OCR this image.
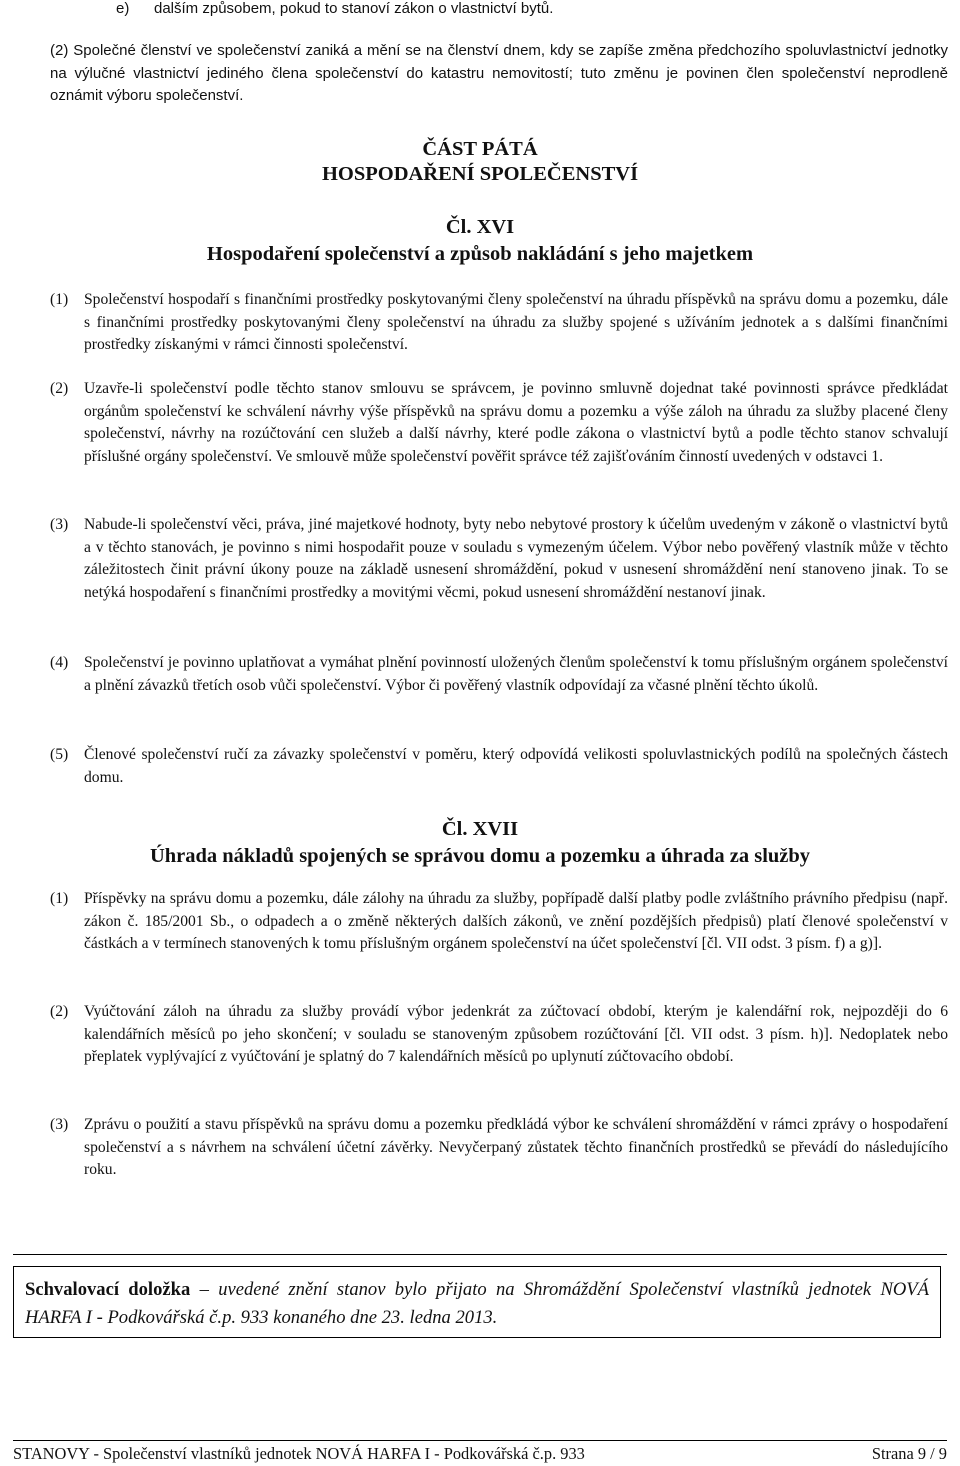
e) dalším způsobem, pokud to stanoví zákon o vlastnictví bytů.
(2) Společné členství ve společenství zaniká a mění se na členství dnem, kdy se zapíše změna předchozího spoluvlastnictví jednotky na výlučné vlastnictví jediného člena společenství do katastru nemovitostí; tuto změnu je povinen člen společenství neprodleně oznámit výboru společenství.
ČÁST PÁTÁ
HOSPODAŘENÍ SPOLEČENSTVÍ
Čl. XVI
Hospodaření společenství a způsob nakládání s jeho majetkem
(1) Společenství hospodaří s finančními prostředky poskytovanými členy společenství na úhradu příspěvků na správu domu a pozemku, dále s finančními prostředky poskytovanými členy společenství na úhradu za služby spojené s užíváním jednotek a s dalšími finančními prostředky získanými v rámci činnosti společenství.
(2) Uzavře-li společenství podle těchto stanov smlouvu se správcem, je povinno smluvně dojednat také povinnosti správce předkládat orgánům společenství ke schválení návrhy výše příspěvků na správu domu a pozemku a výše záloh na úhradu za služby placené členy společenství, návrhy na rozúčtování cen služeb a další návrhy, které podle zákona o vlastnictví bytů a podle těchto stanov schvalují příslušné orgány společenství. Ve smlouvě může společenství pověřit správce též zajišťováním činností uvedených v odstavci 1.
(3) Nabude-li společenství věci, práva, jiné majetkové hodnoty, byty nebo nebytové prostory k účelům uvedeným v zákoně o vlastnictví bytů a v těchto stanovách, je povinno s nimi hospodařit pouze v souladu s vymezeným účelem. Výbor nebo pověřený vlastník může v těchto záležitostech činit právní úkony pouze na základě usnesení shromáždění, pokud v usnesení shromáždění není stanoveno jinak. To se netýká hospodaření s finančními prostředky a movitými věcmi, pokud usnesení shromáždění nestanoví jinak.
(4) Společenství je povinno uplatňovat a vymáhat plnění povinností uložených členům společenství k tomu příslušným orgánem společenství a plnění závazků třetích osob vůči společenství. Výbor či pověřený vlastník odpovídají za včasné plnění těchto úkolů.
(5) Členové společenství ručí za závazky společenství v poměru, který odpovídá velikosti spoluvlastnických podílů na společných částech domu.
Čl. XVII
Úhrada nákladů spojených se správou domu a pozemku a úhrada za služby
(1) Příspěvky na správu domu a pozemku, dále zálohy na úhradu za služby, popřípadě další platby podle zvláštního právního předpisu (např. zákon č. 185/2001 Sb., o odpadech a o změně některých dalších zákonů, ve znění pozdějších předpisů) platí členové společenství v částkách a v termínech stanovených k tomu příslušným orgánem společenství na účet společenství [čl. VII odst. 3 písm. f) a g)].
(2) Vyúčtování záloh na úhradu za služby provádí výbor jedenkrát za zúčtovací období, kterým je kalendářní rok, nejpozději do 6 kalendářních měsíců po jeho skončení; v souladu se stanoveným způsobem rozúčtování [čl. VII odst. 3 písm. h)]. Nedoplatek nebo přeplatek vyplývající z vyúčtování je splatný do 7 kalendářních měsíců po uplynutí zúčtovacího období.
(3) Zprávu o použití a stavu příspěvků na správu domu a pozemku předkládá výbor ke schválení shromáždění v rámci zprávy o hospodaření společenství a s návrhem na schválení účetní závěrky. Nevyčerpaný zůstatek těchto finančních prostředků se převádí do následujícího roku.
Schvalovací doložka – uvedené znění stanov bylo přijato na Shromáždění Společenství vlastníků jednotek NOVÁ HARFA I - Podkovářská č.p. 933 konaného dne 23. ledna 2013.
STANOVY - Společenství vlastníků jednotek NOVÁ HARFA I - Podkovářská č.p. 933	Strana 9 / 9
